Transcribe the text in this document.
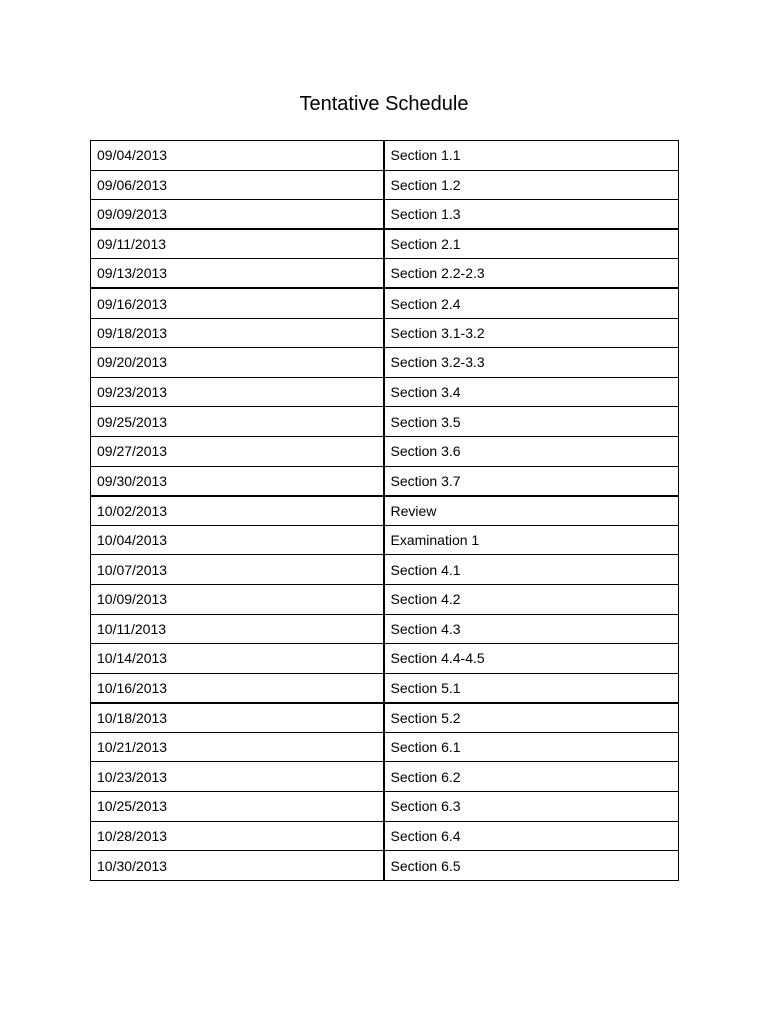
Tentative Schedule
09/04/2013	Section 1.1
09/06/2013	Section 1.2
09/09/2013	Section 1.3
09/11/2013	Section 2.1
09/13/2013	Section 2.2-2.3
09/16/2013	Section 2.4
09/18/2013	Section 3.1-3.2
09/20/2013	Section 3.2-3.3
09/23/2013	Section 3.4
09/25/2013	Section 3.5
09/27/2013	Section 3.6
09/30/2013	Section 3.7
10/02/2013	Review
10/04/2013	Examination 1
10/07/2013	Section 4.1
10/09/2013	Section 4.2
10/11/2013	Section 4.3
10/14/2013	Section 4.4-4.5
10/16/2013	Section 5.1
10/18/2013	Section 5.2
10/21/2013	Section 6.1
10/23/2013	Section 6.2
10/25/2013	Section 6.3
10/28/2013	Section 6.4
10/30/2013	Section 6.5
